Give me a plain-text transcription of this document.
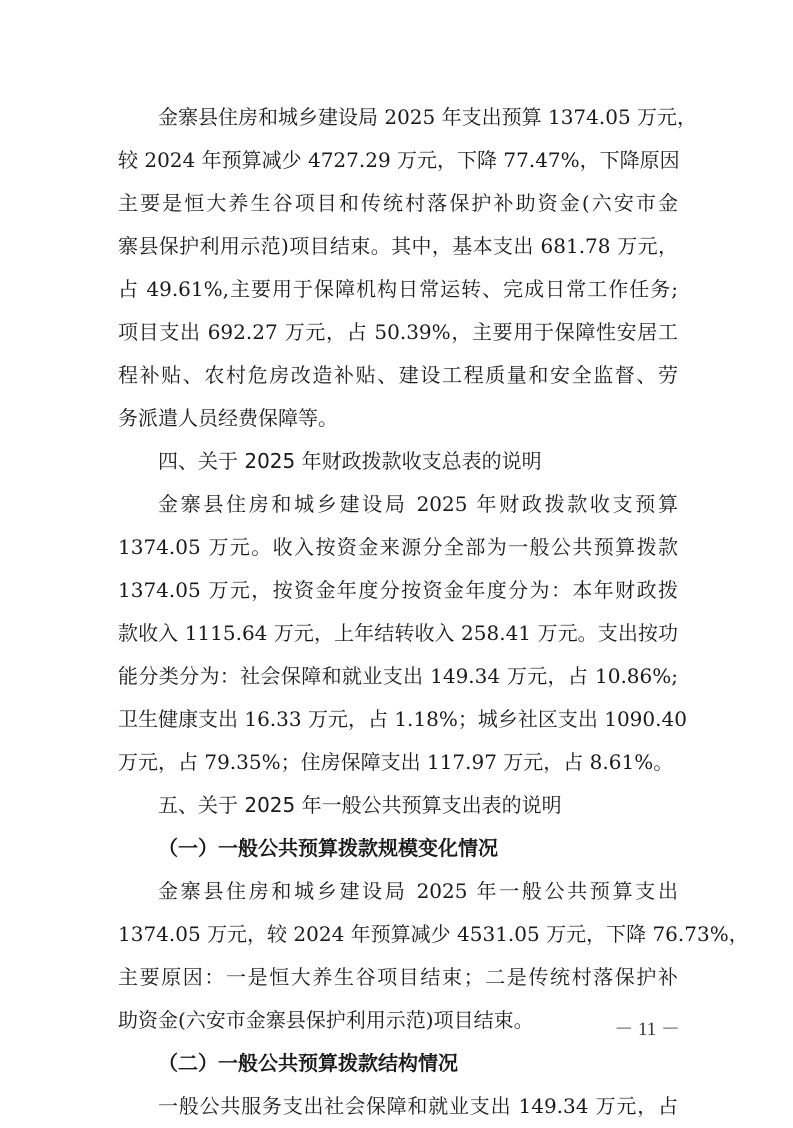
金寨县住房和城乡建设局 2025 年支出预算 1374.05 万元，
较 2024 年预算减少 4727.29 万元，下降 77.47%，下降原因
主要是恒大养生谷项目和传统村落保护补助资金(六安市金
寨县保护利用示范)项目结束。其中，基本支出 681.78 万元，
占 49.61%,主要用于保障机构日常运转、完成日常工作任务;
项目支出 692.27 万元，占 50.39%，主要用于保障性安居工
程补贴、农村危房改造补贴、建设工程质量和安全监督、劳
务派遣人员经费保障等。
四、关于 2025 年财政拨款收支总表的说明
金寨县住房和城乡建设局 2025 年财政拨款收支预算
1374.05 万元。收入按资金来源分全部为一般公共预算拨款
1374.05 万元，按资金年度分按资金年度分为：本年财政拨
款收入 1115.64 万元，上年结转收入 258.41 万元。支出按功
能分类分为：社会保障和就业支出 149.34 万元，占 10.86%;
卫生健康支出 16.33 万元，占 1.18%；城乡社区支出 1090.40
万元，占 79.35%；住房保障支出 117.97 万元，占 8.61%。
五、关于 2025 年一般公共预算支出表的说明
（一）一般公共预算拨款规模变化情况
金寨县住房和城乡建设局 2025 年一般公共预算支出
1374.05 万元，较 2024 年预算减少 4531.05 万元，下降 76.73%，
主要原因：一是恒大养生谷项目结束；二是传统村落保护补
助资金(六安市金寨县保护利用示范)项目结束。
（二）一般公共预算拨款结构情况
一般公共服务支出社会保障和就业支出 149.34 万元，占
－ 11 －
